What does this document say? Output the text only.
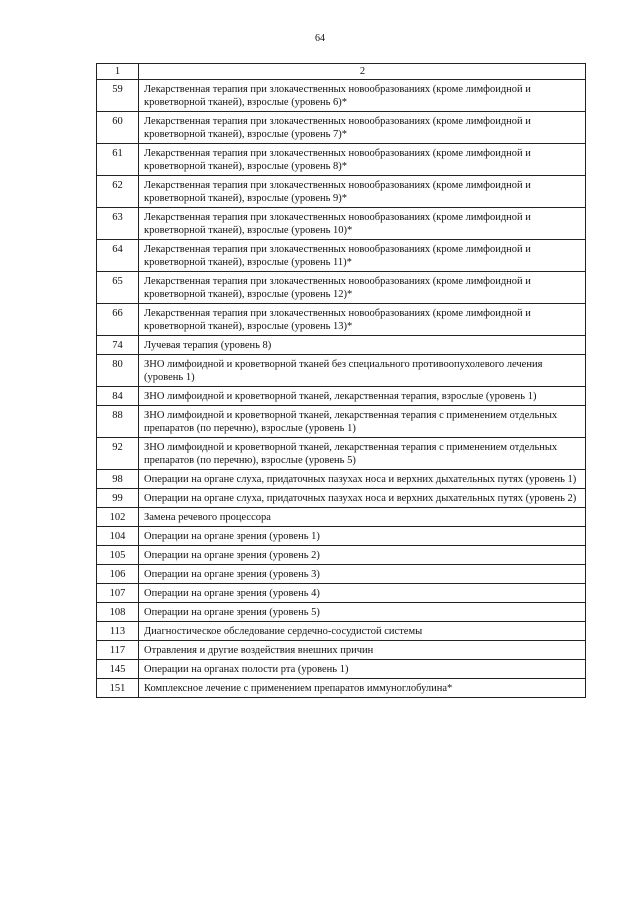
64
1	2
59	Лекарственная терапия при злокачественных новообразованиях (кроме лимфоидной и кроветворной тканей), взрослые (уровень 6)*
60	Лекарственная терапия при злокачественных новообразованиях (кроме лимфоидной и кроветворной тканей), взрослые (уровень 7)*
61	Лекарственная терапия при злокачественных новообразованиях (кроме лимфоидной и кроветворной тканей), взрослые (уровень 8)*
62	Лекарственная терапия при злокачественных новообразованиях (кроме лимфоидной и кроветворной тканей), взрослые (уровень 9)*
63	Лекарственная терапия при злокачественных новообразованиях (кроме лимфоидной и кроветворной тканей), взрослые (уровень 10)*
64	Лекарственная терапия при злокачественных новообразованиях (кроме лимфоидной и кроветворной тканей), взрослые (уровень 11)*
65	Лекарственная терапия при злокачественных новообразованиях (кроме лимфоидной и кроветворной тканей), взрослые (уровень 12)*
66	Лекарственная терапия при злокачественных новообразованиях (кроме лимфоидной и кроветворной тканей), взрослые (уровень 13)*
74	Лучевая терапия (уровень 8)
80	ЗНО лимфоидной и кроветворной тканей без специального противоопухолевого лечения (уровень 1)
84	ЗНО лимфоидной и кроветворной тканей, лекарственная терапия, взрослые (уровень 1)
88	ЗНО лимфоидной и кроветворной тканей, лекарственная терапия с применением отдельных препаратов (по перечню), взрослые (уровень 1)
92	ЗНО лимфоидной и кроветворной тканей, лекарственная терапия с применением отдельных препаратов (по перечню), взрослые (уровень 5)
98	Операции на органе слуха, придаточных пазухах носа и верхних дыхательных путях (уровень 1)
99	Операции на органе слуха, придаточных пазухах носа и верхних дыхательных путях (уровень 2)
102	Замена речевого процессора
104	Операции на органе зрения (уровень 1)
105	Операции на органе зрения (уровень 2)
106	Операции на органе зрения (уровень 3)
107	Операции на органе зрения (уровень 4)
108	Операции на органе зрения (уровень 5)
113	Диагностическое обследование сердечно-сосудистой системы
117	Отравления и другие воздействия внешних причин
145	Операции на органах полости рта (уровень 1)
151	Комплексное лечение с применением препаратов иммуноглобулина*
